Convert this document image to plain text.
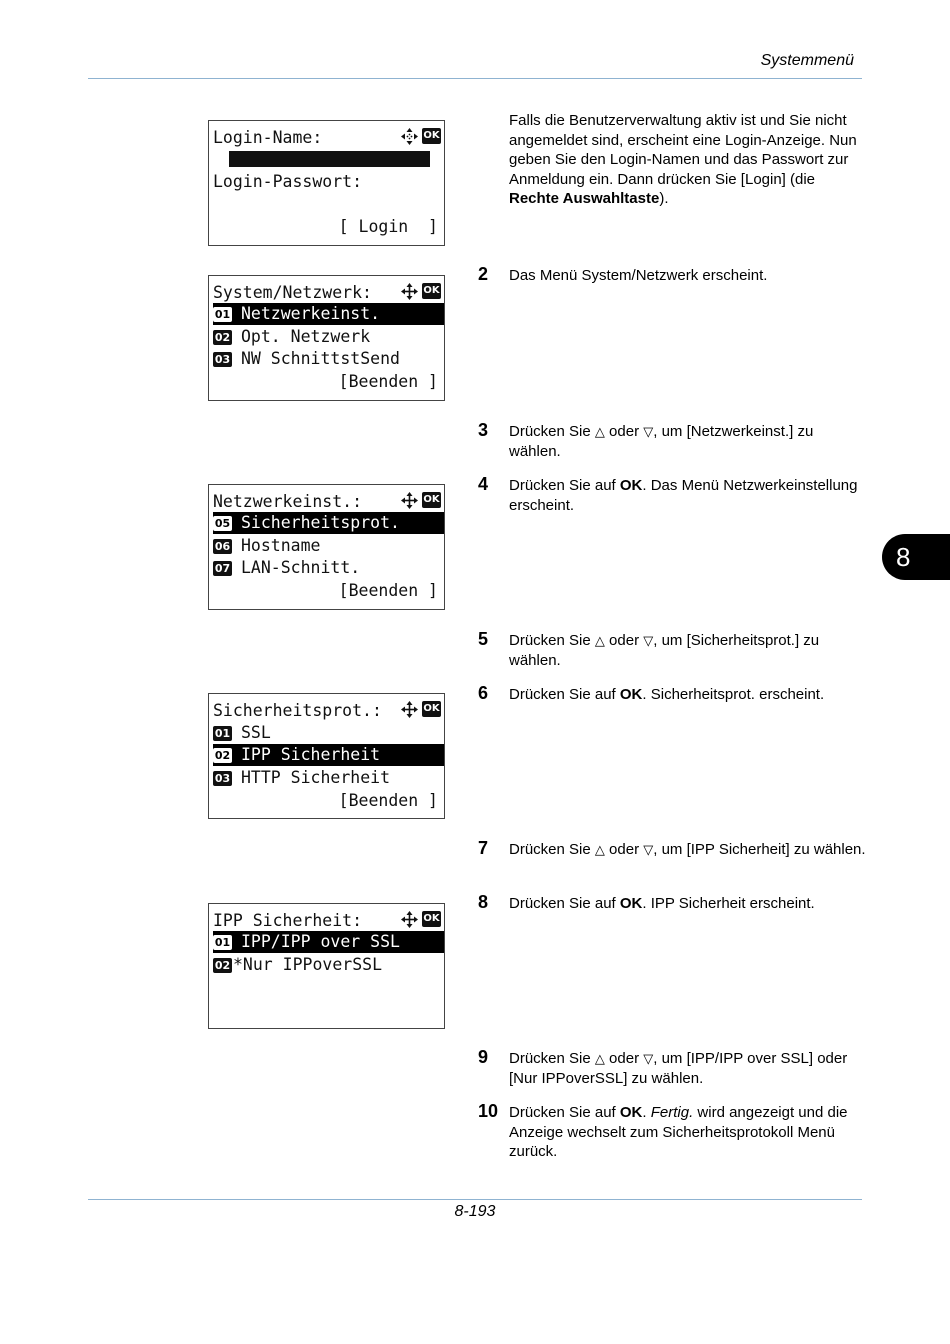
Systemmenü
8-193
8
Login-Name:	OK
Login-Passwort:
[ Login  ]
System/Netzwerk:	OK
01 Netzwerkeinst.
02 Opt. Netzwerk
03 NW SchnittstSend
[Beenden ]
Netzwerkeinst.:	OK
05 Sicherheitsprot.
06 Hostname
07 LAN-Schnitt.
[Beenden ]
Sicherheitsprot.:	OK
01 SSL
02 IPP Sicherheit
03 HTTP Sicherheit
[Beenden ]
IPP Sicherheit:	OK
01 IPP/IPP over SSL
02 *Nur IPPoverSSL
Falls die Benutzerverwaltung aktiv ist und Sie nicht angemeldet sind, erscheint eine Login-Anzeige. Nun geben Sie den Login-Namen und das Passwort zur Anmeldung ein. Dann drücken Sie [Login] (die Rechte Auswahltaste).
2	Das Menü System/Netzwerk erscheint.
3	Drücken Sie △ oder ▽, um [Netzwerkeinst.] zu wählen.
4	Drücken Sie auf OK. Das Menü Netzwerkeinstellung erscheint.
5	Drücken Sie △ oder ▽, um [Sicherheitsprot.] zu wählen.
6	Drücken Sie auf OK. Sicherheitsprot. erscheint.
7	Drücken Sie △ oder ▽, um [IPP Sicherheit] zu wählen.
8	Drücken Sie auf OK. IPP Sicherheit erscheint.
9	Drücken Sie △ oder ▽, um [IPP/IPP over SSL] oder [Nur IPPoverSSL] zu wählen.
10 Drücken Sie auf OK. Fertig. wird angezeigt und die Anzeige wechselt zum Sicherheitsprotokoll Menü zurück.
